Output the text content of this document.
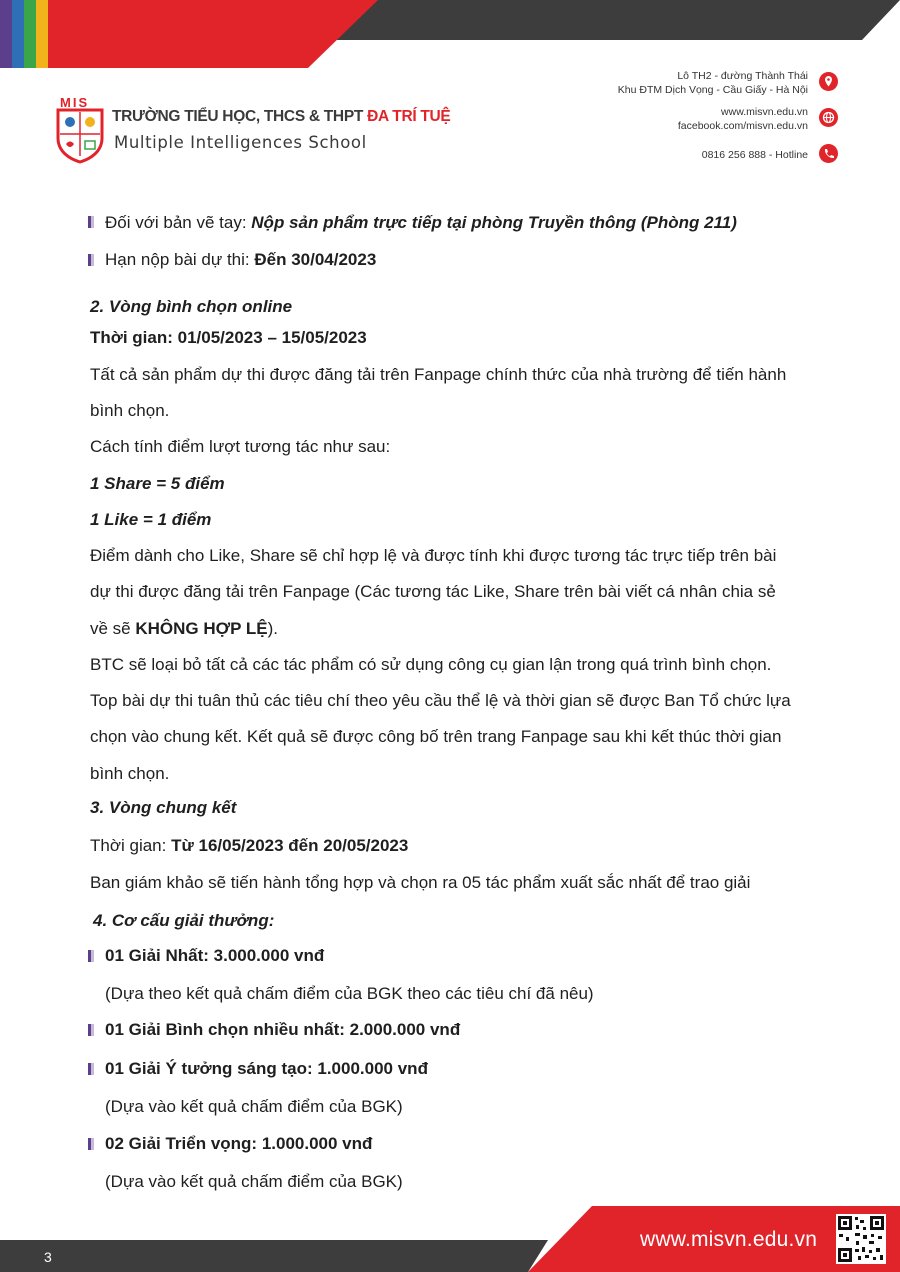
MIS
TRƯỜNG TIỂU HỌC, THCS & THPT ĐA TRÍ TUỆ
Multiple Intelligences School
Lô TH2 - đường Thành Thái
Khu ĐTM Dịch Vọng - Cầu Giấy - Hà Nội
www.misvn.edu.vn
facebook.com/misvn.edu.vn
0816 256 888 - Hotline
Đối với bản vẽ tay: Nộp sản phẩm trực tiếp tại phòng Truyền thông (Phòng 211)
Hạn nộp bài dự thi: Đến 30/04/2023
2. Vòng bình chọn online
Thời gian: 01/05/2023 – 15/05/2023
Tất cả sản phẩm dự thi được đăng tải trên Fanpage chính thức của nhà trường để tiến hành
bình chọn.
Cách tính điểm lượt tương tác như sau:
1 Share = 5 điểm
1 Like = 1 điểm
Điểm dành cho Like, Share sẽ chỉ hợp lệ và được tính khi được tương tác trực tiếp trên bài
dự thi được đăng tải trên Fanpage (Các tương tác Like, Share trên bài viết cá nhân chia sẻ
về sẽ KHÔNG HỢP LỆ).
BTC sẽ loại bỏ tất cả các tác phẩm có sử dụng công cụ gian lận trong quá trình bình chọn.
Top bài dự thi tuân thủ các tiêu chí theo yêu cầu thể lệ và thời gian sẽ được Ban Tổ chức lựa
chọn vào chung kết. Kết quả sẽ được công bố trên trang Fanpage sau khi kết thúc thời gian
bình chọn.
3. Vòng chung kết
Thời gian: Từ 16/05/2023 đến 20/05/2023
Ban giám khảo sẽ tiến hành tổng hợp và chọn ra 05 tác phẩm xuất sắc nhất để trao giải
4. Cơ cấu giải thưởng:
01 Giải Nhất: 3.000.000 vnđ
(Dựa theo kết quả chấm điểm của BGK theo các tiêu chí đã nêu)
01 Giải Bình chọn nhiều nhất: 2.000.000 vnđ
01 Giải Ý tưởng sáng tạo: 1.000.000 vnđ
(Dựa vào kết quả chấm điểm của BGK)
02 Giải Triển vọng: 1.000.000 vnđ
(Dựa vào kết quả chấm điểm của BGK)
3
www.misvn.edu.vn
